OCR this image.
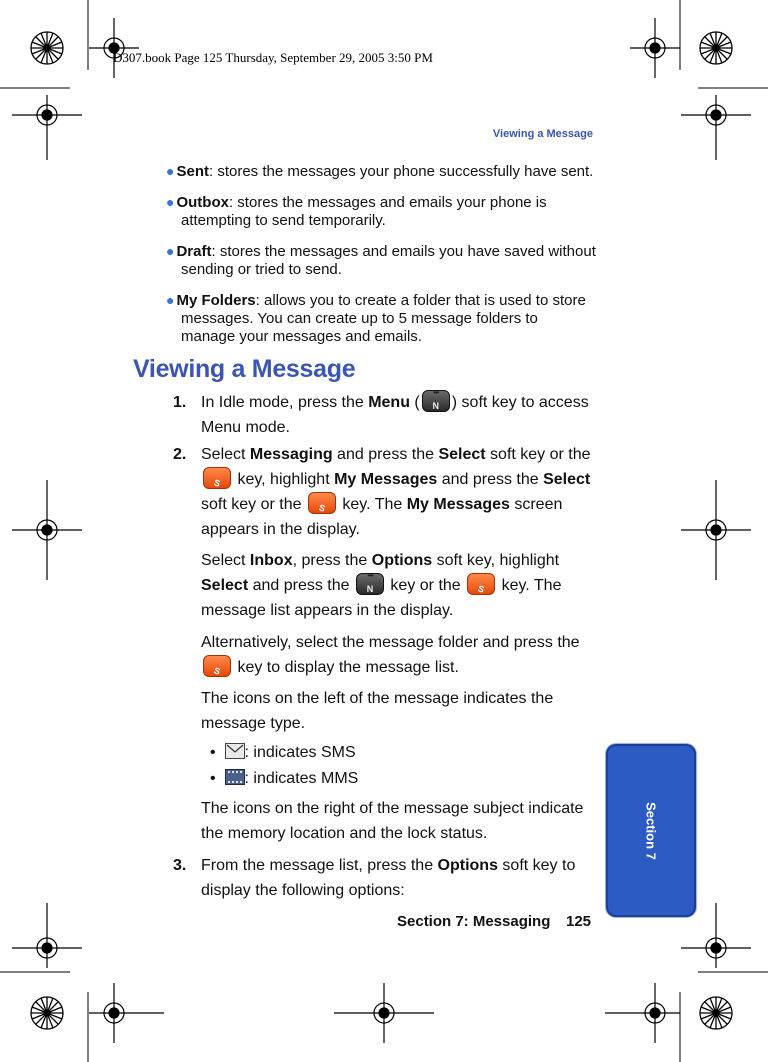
D307.book Page 125 Thursday, September 29, 2005 3:50 PM
Viewing a Message
● Sent: stores the messages your phone successfully have sent.
● Outbox: stores the messages and emails your phone is
attempting to send temporarily.
● Draft: stores the messages and emails you have saved without
sending or tried to send.
● My Folders: allows you to create a folder that is used to store
messages. You can create up to 5 message folders to manage your messages and emails.
Viewing a Message
1. In Idle mode, press the Menu (••• N ) soft key to access Menu mode.
2. Select Messaging and press the Select soft key or the S key, highlight My Messages and press the Select soft key or the S key. The My Messages screen appears in the display.
Select Inbox, press the Options soft key, highlight Select and press the ••• N key or the S key. The message list appears in the display.
Alternatively, select the message folder and press the
S key to display the message list.
The icons on the left of the message indicates the message type.
•
: indicates SMS
•
: indicates MMS
The icons on the right of the message subject indicate the memory location and the lock status.
3. From the message list, press the Options soft key to display the following options:
Section 7: Messaging 125
Section 7
